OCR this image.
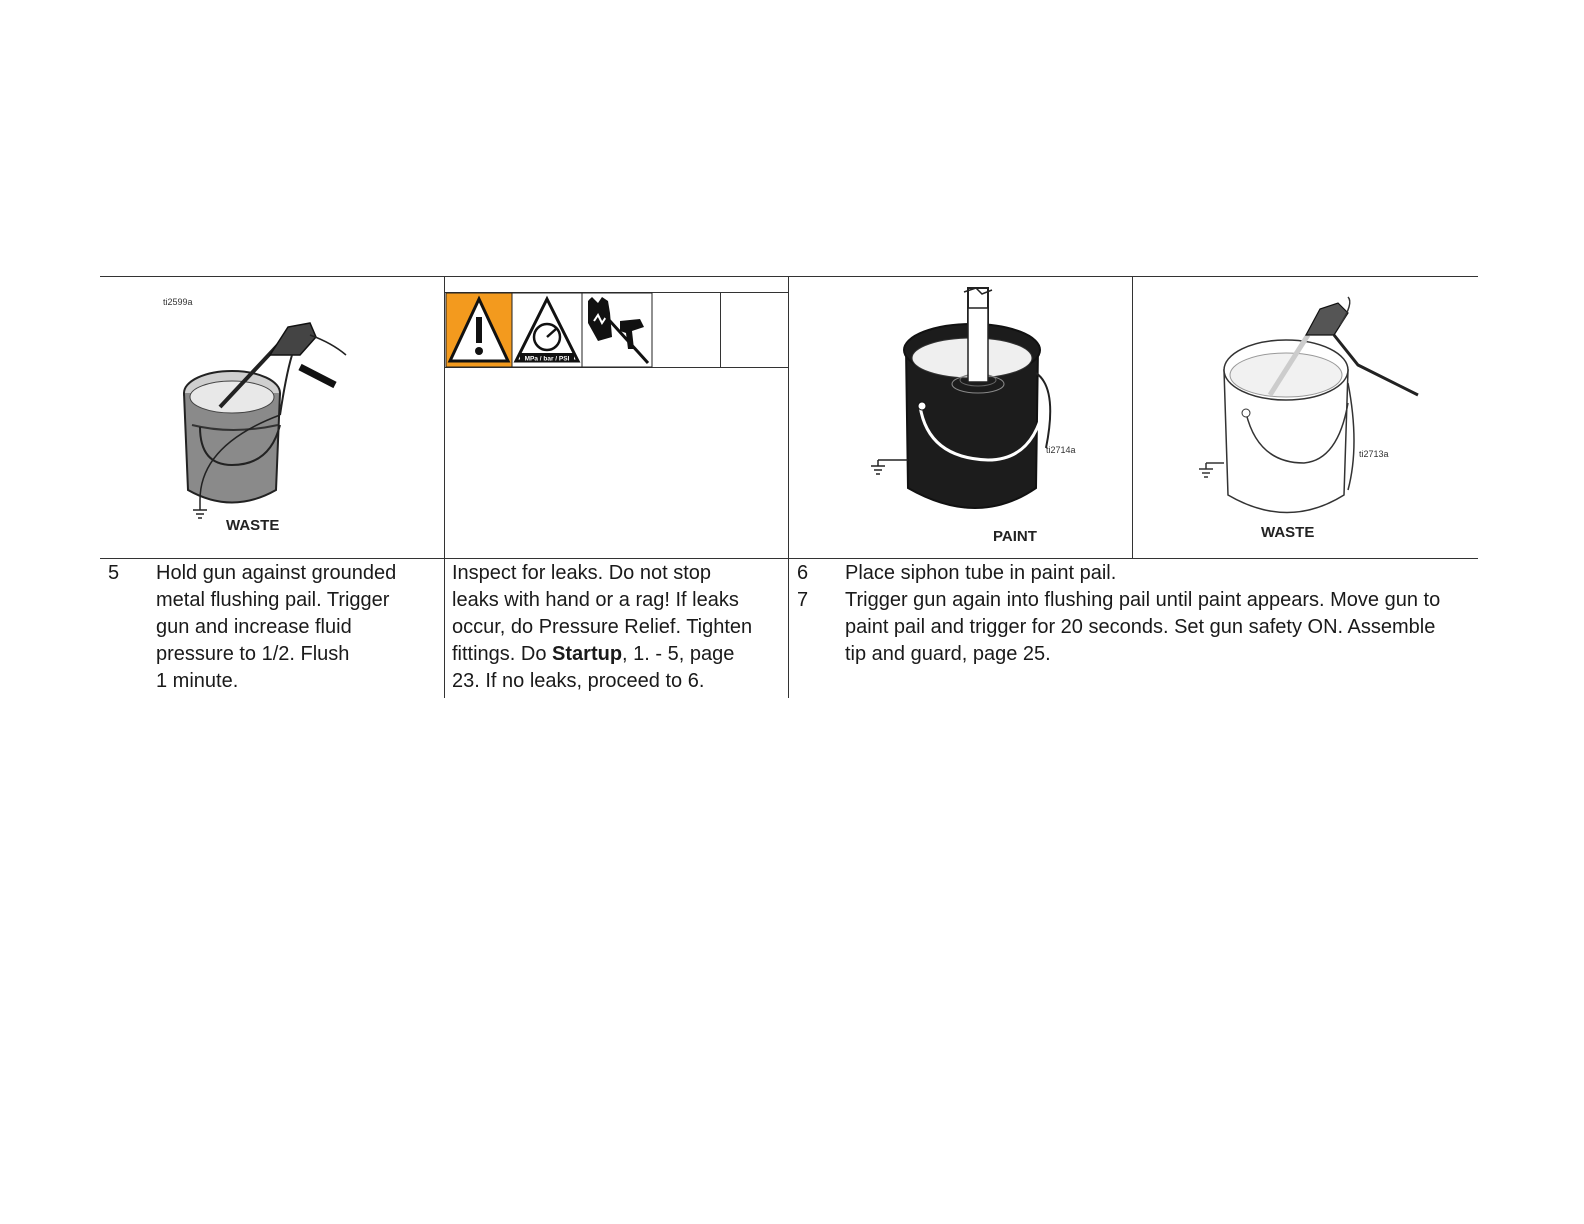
ti2599a
WASTE
MPa / bar / PSI
ti2714a
PAINT
ti2713a
WASTE
5 Hold gun against grounded
metal flushing pail. Trigger
gun and increase fluid
pressure to 1/2. Flush
1 minute.
Inspect for leaks. Do not stop
leaks with hand or a rag! If leaks
occur, do Pressure Relief. Tighten
fittings. Do Startup, 1. - 5, page
23. If no leaks, proceed to 6.
6 Place siphon tube in paint pail.
7 Trigger gun again into flushing pail until paint appears. Move gun to
paint pail and trigger for 20 seconds. Set gun safety ON. Assemble
tip and guard, page 25.
